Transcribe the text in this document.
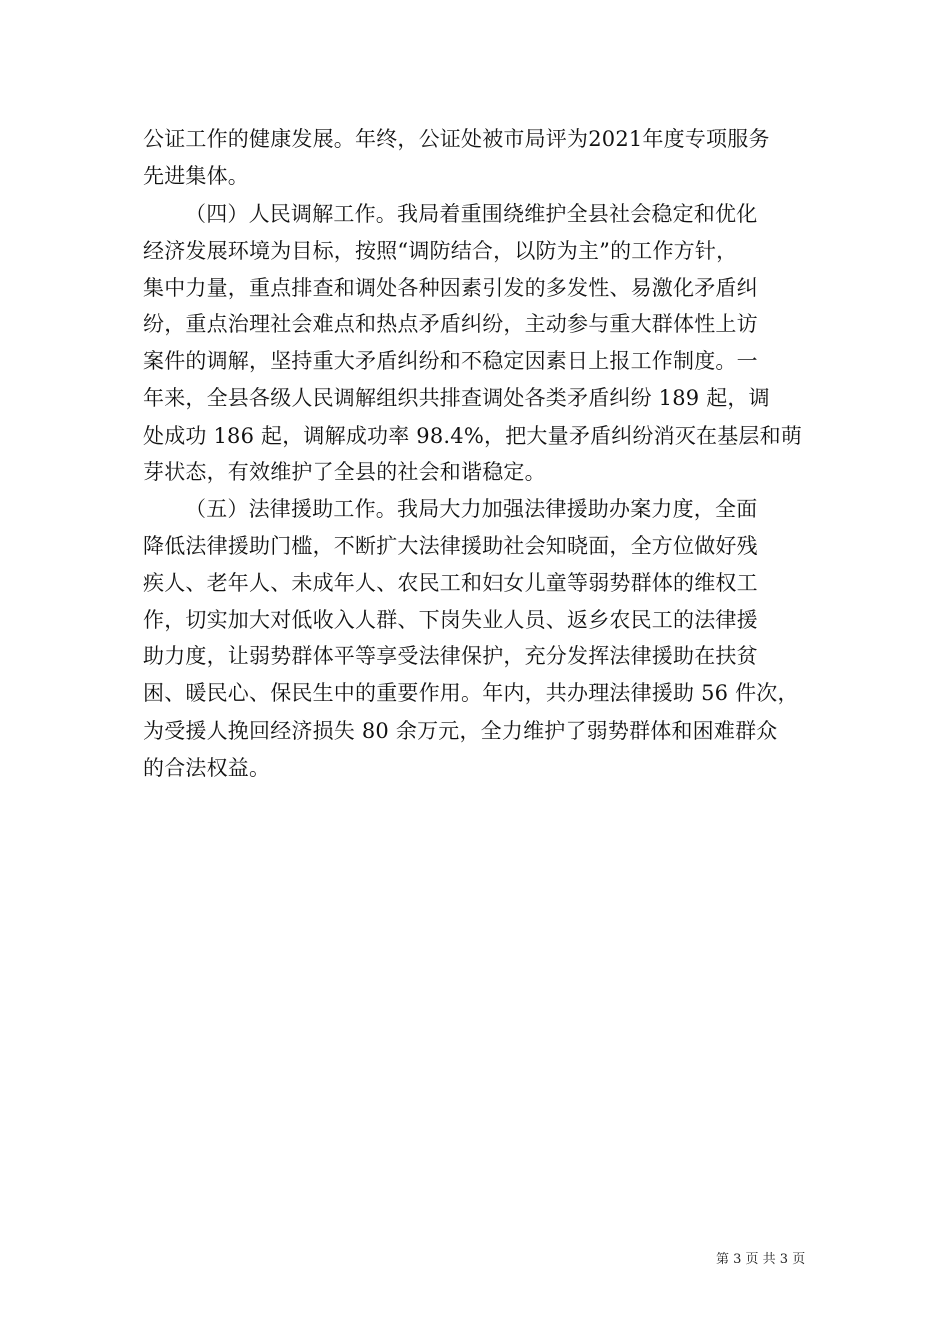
公证工作的健康发展。年终，公证处被市局评为2021年度专项服务
先进集体。
（四）人民调解工作。我局着重围绕维护全县社会稳定和优化
经济发展环境为目标，按照“调防结合，以防为主”的工作方针，
集中力量，重点排查和调处各种因素引发的多发性、易激化矛盾纠
纷，重点治理社会难点和热点矛盾纠纷，主动参与重大群体性上访
案件的调解，坚持重大矛盾纠纷和不稳定因素日上报工作制度。一
年来，全县各级人民调解组织共排查调处各类矛盾纠纷 189 起，调
处成功 186 起，调解成功率 98.4%，把大量矛盾纠纷消灭在基层和萌
芽状态，有效维护了全县的社会和谐稳定。
（五）法律援助工作。我局大力加强法律援助办案力度，全面
降低法律援助门槛，不断扩大法律援助社会知晓面，全方位做好残
疾人、老年人、未成年人、农民工和妇女儿童等弱势群体的维权工
作，切实加大对低收入人群、下岗失业人员、返乡农民工的法律援
助力度，让弱势群体平等享受法律保护，充分发挥法律援助在扶贫
困、暖民心、保民生中的重要作用。年内，共办理法律援助 56 件次，
为受援人挽回经济损失 80 余万元，全力维护了弱势群体和困难群众
的合法权益。
第 3 页 共 3 页
